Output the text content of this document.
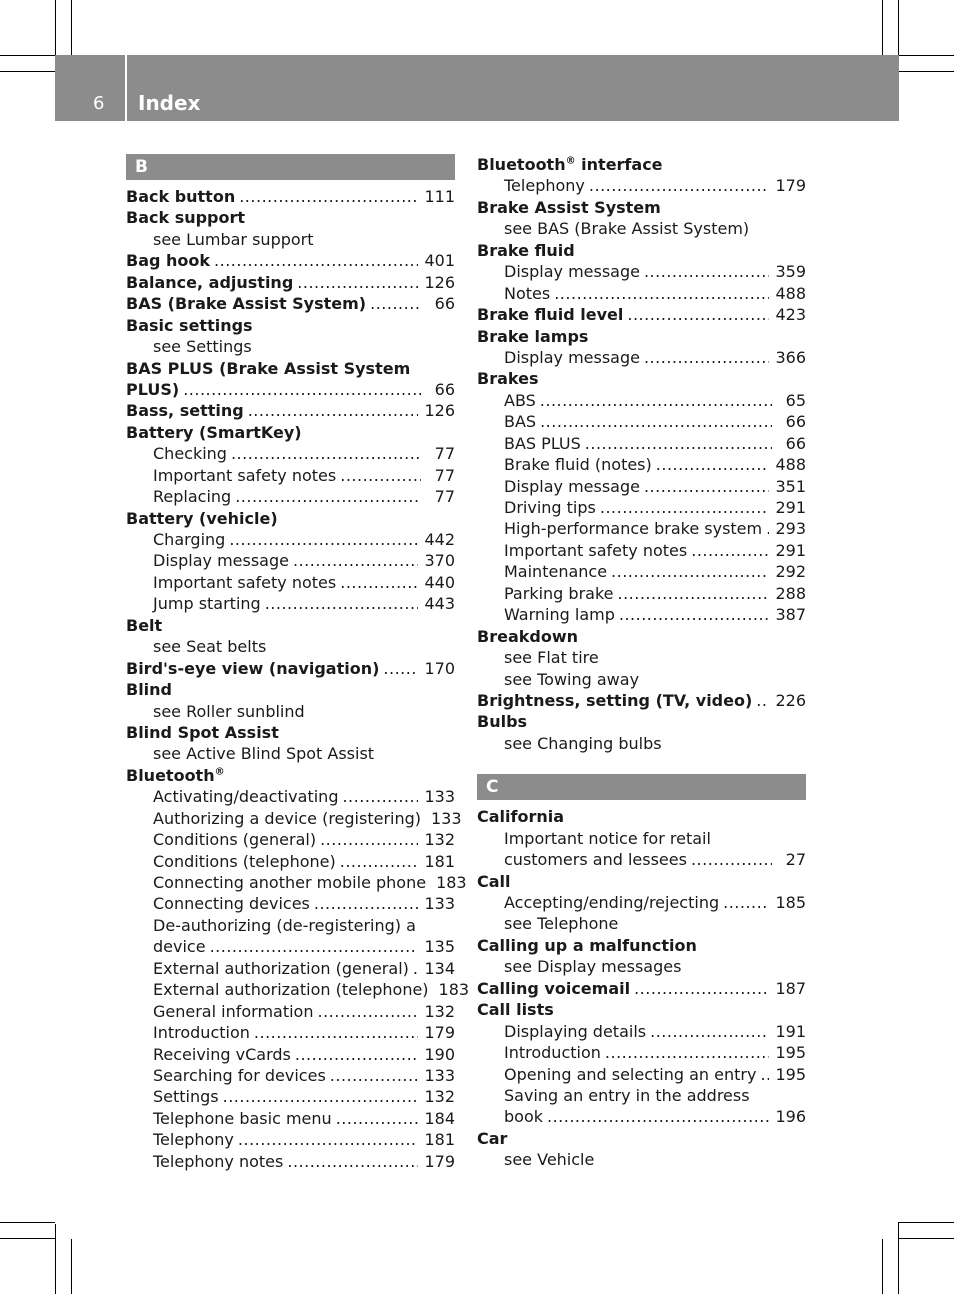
6 Index
B
Back button .....	111
Back support
see Lumbar support
Bag hook .....	401
Balance, adjusting .....	126
BAS (Brake Assist System) .....	66
Basic settings
see Settings
BAS PLUS (Brake Assist System
PLUS) .....	66
Bass, setting .....	126
Battery (SmartKey)
Checking .....	77
Important safety notes .....	77
Replacing .....	77
Battery (vehicle)
Charging .....	442
Display message .....	370
Important safety notes .....	440
Jump starting .....	443
Belt
see Seat belts
Bird's-eye view (navigation) .....	170
Blind
see Roller sunblind
Blind Spot Assist
see Active Blind Spot Assist
Bluetooth®
Activating/deactivating .....	133
Authorizing a device (registering) 133
Conditions (general) .....	132
Conditions (telephone) .....	181
Connecting another mobile phone 183
Connecting devices .....	133
De-authorizing (de-registering) a
device .....	135
External authorization (general) ..... 134
External authorization (telephone) 183
General information .....	132
Introduction .....	179
Receiving vCards .....	190
Searching for devices .....	133
Settings .....	132
Telephone basic menu .....	184
Telephony .....	181
Telephony notes .....	179
Bluetooth® interface
Telephony .....	179
Brake Assist System
see BAS (Brake Assist System)
Brake fluid
Display message .....	359
Notes .....	488
Brake fluid level .....	423
Brake lamps
Display message .....	366
Brakes
ABS .....	65
BAS .....	66
BAS PLUS .....	66
Brake fluid (notes) .....	488
Display message .....	351
Driving tips .....	291
High-performance brake system ..... 293
Important safety notes .....	291
Maintenance .....	292
Parking brake .....	288
Warning lamp .....	387
Breakdown
see Flat tire
see Towing away
Brightness, setting (TV, video) ..... 226
Bulbs
see Changing bulbs
C
California
Important notice for retail
customers and lessees .....	27
Call
Accepting/ending/rejecting .....	185
see Telephone
Calling up a malfunction
see Display messages
Calling voicemail .....	187
Call lists
Displaying details .....	191
Introduction .....	195
Opening and selecting an entry ..... 195
Saving an entry in the address
book .....	196
Car
see Vehicle
